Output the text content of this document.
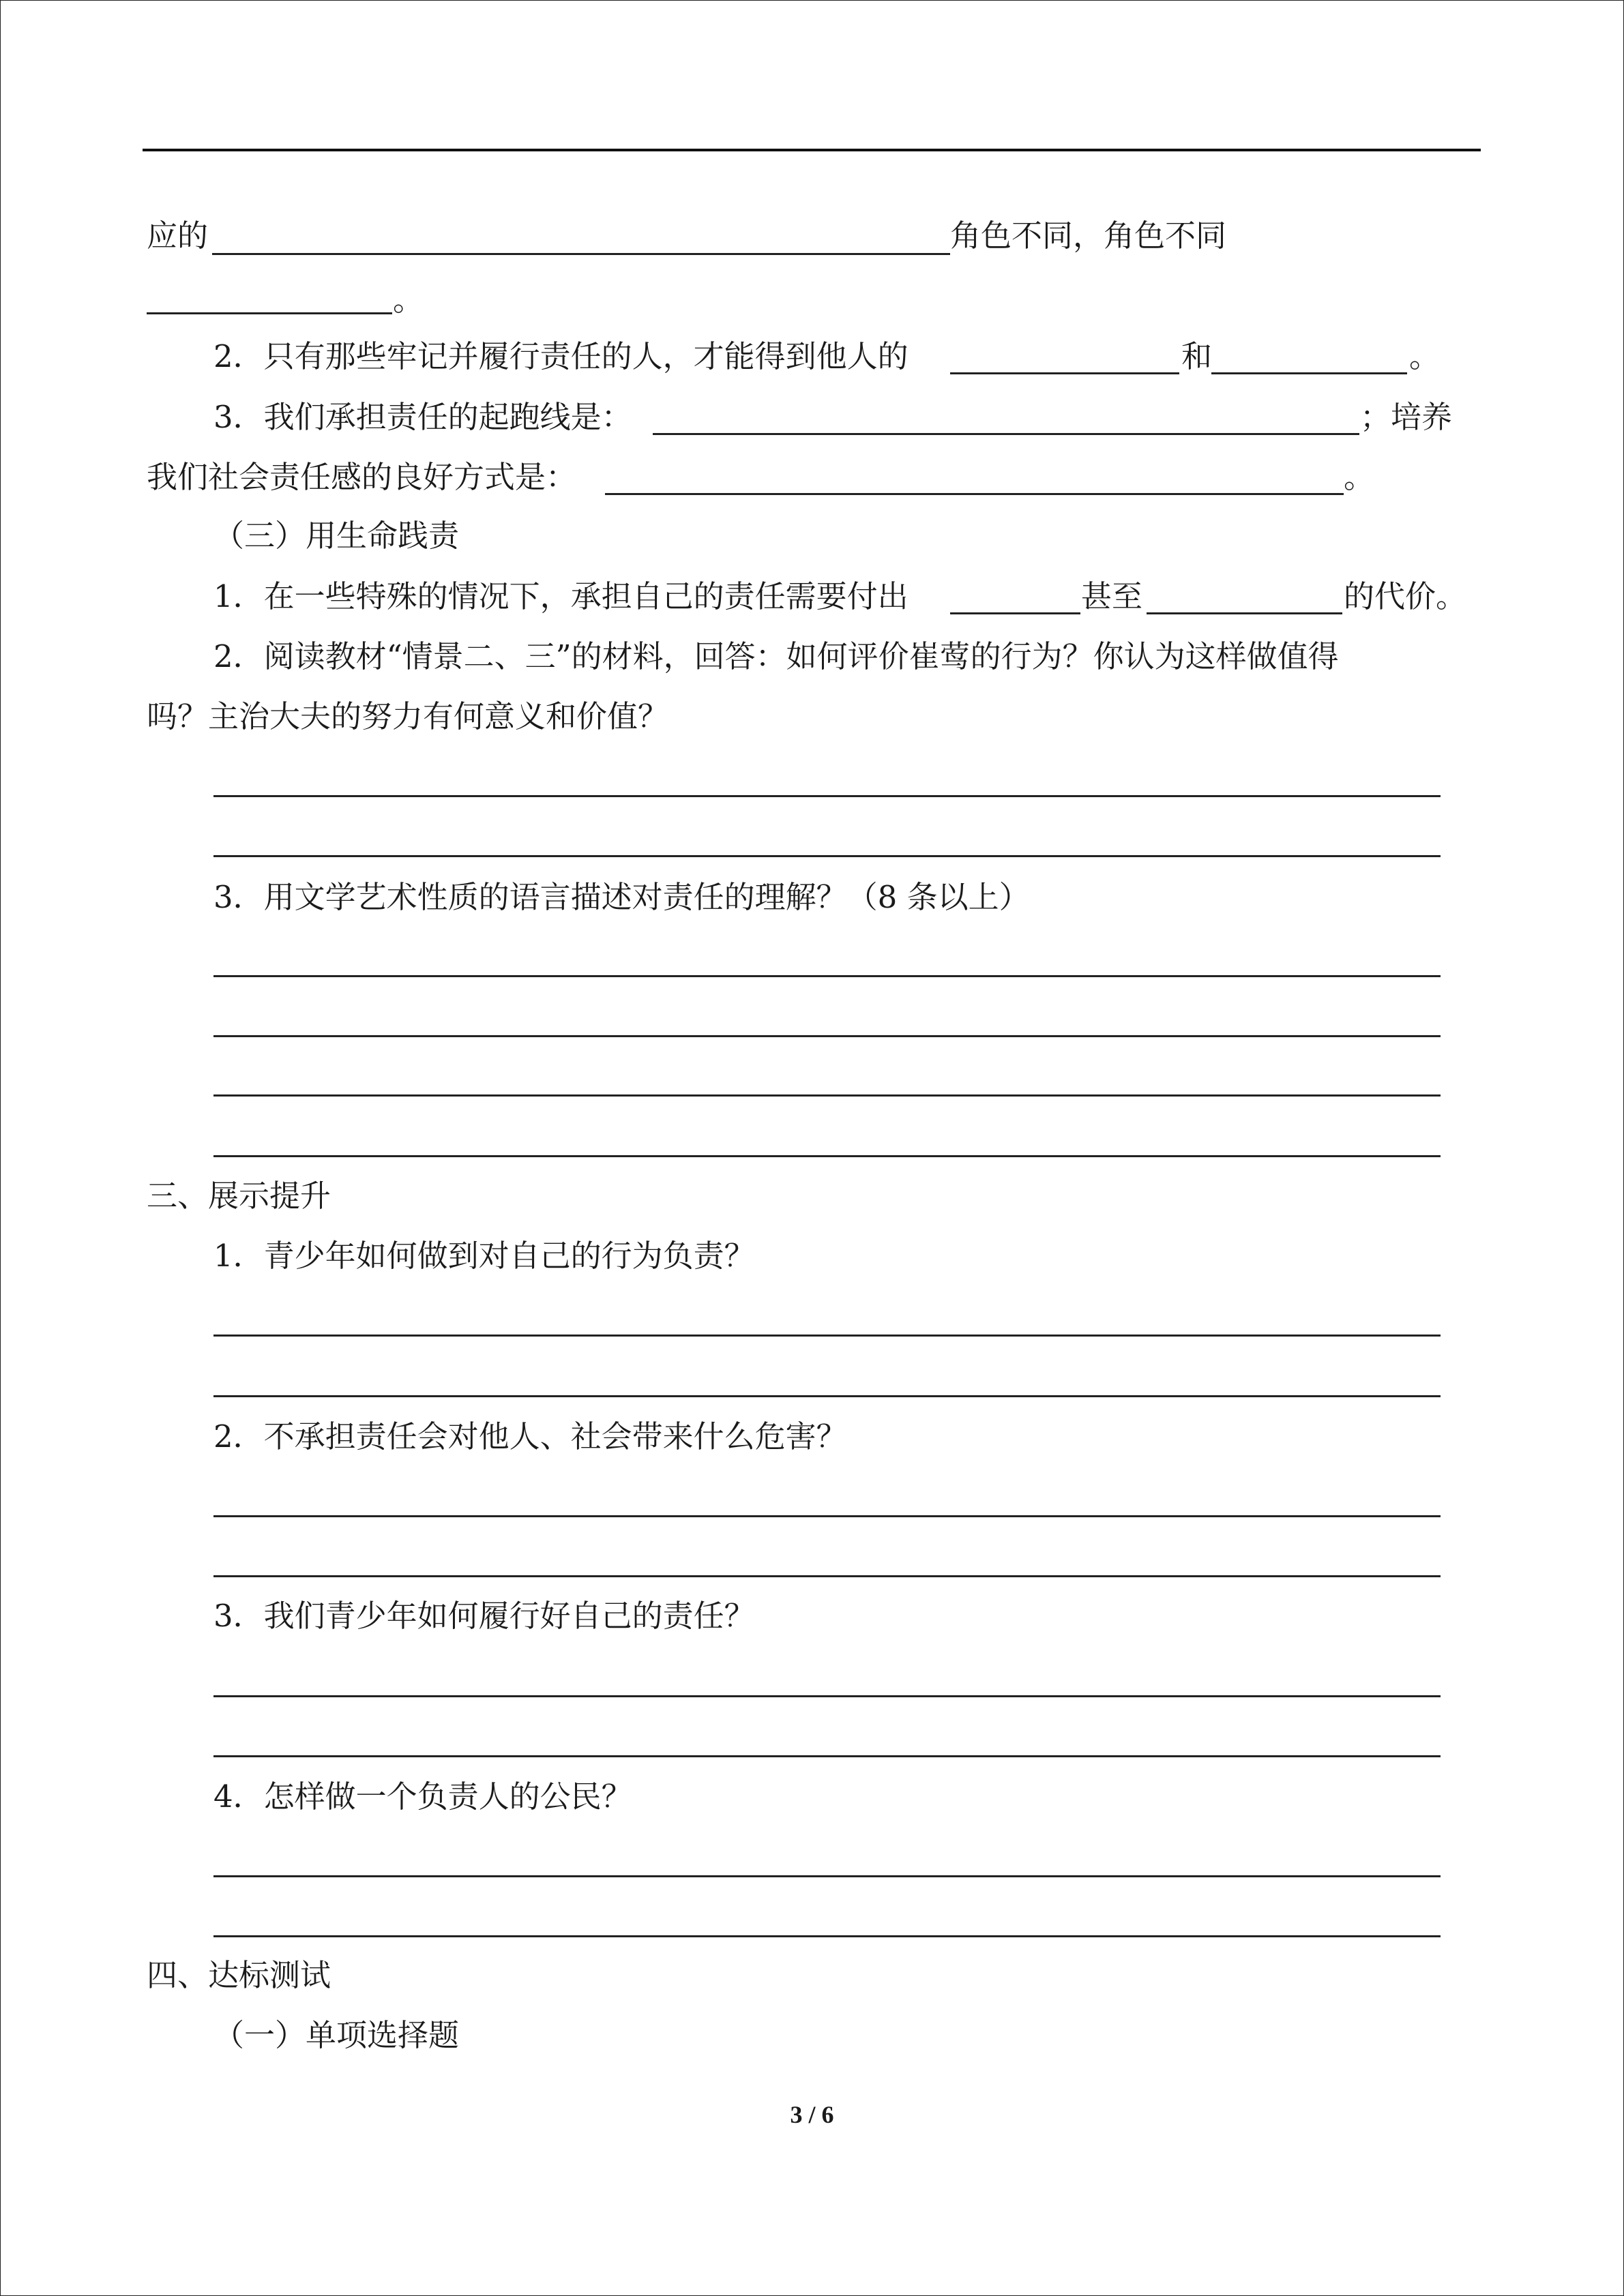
应的	角色不同，角色不同
。
2．只有那些牢记并履行责任的人，才能得到他人的	和	。
3．我们承担责任的起跑线是：	；培养
我们社会责任感的良好方式是：	。
（三）用生命践责
1．在一些特殊的情况下，承担自己的责任需要付出	甚至	的代价。
2．阅读教材“情景二、三”的材料，回答：如何评价崔莺的行为？你认为这样做值得
吗？主治大夫的努力有何意义和价值？
3．用文学艺术性质的语言描述对责任的理解？（8 条以上）
三、展示提升
1．青少年如何做到对自己的行为负责？
2．不承担责任会对他人、社会带来什么危害？
3．我们青少年如何履行好自己的责任？
4．怎样做一个负责人的公民？
四、达标测试
（一）单项选择题
3 / 6
